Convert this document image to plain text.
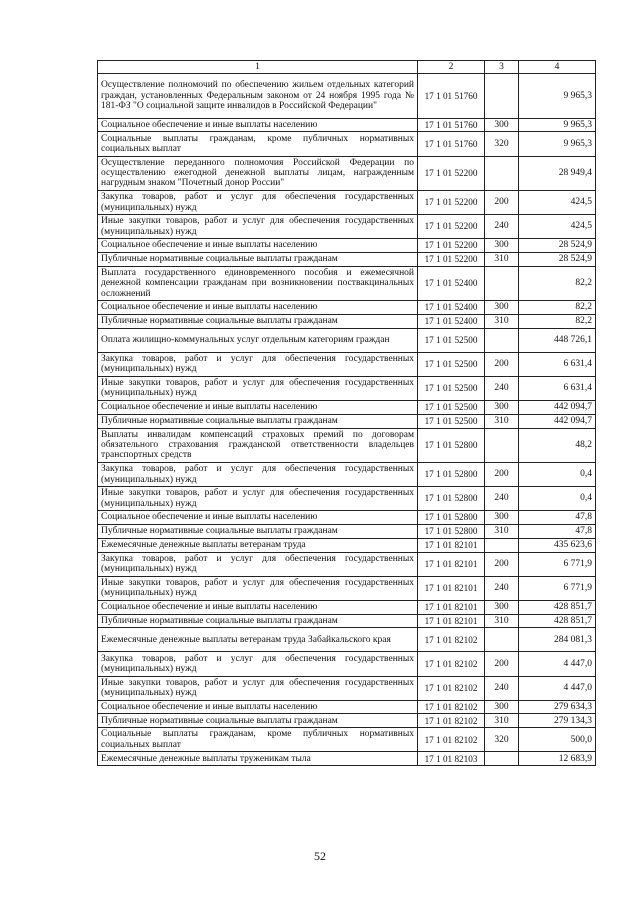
1	2	3	4
Осуществление полномочий по обеспечению жильем отдельных категорий граждан, установленных Федеральным законом от 24 ноября 1995 года № 181-ФЗ "О социальной защите инвалидов в Российской Федерации"	17 1 01 51760		9 965,3
Социальное обеспечение и иные выплаты населению	17 1 01 51760	300	9 965,3
Социальные выплаты гражданам, кроме публичных нормативных социальных выплат	17 1 01 51760	320	9 965,3
Осуществление переданного полномочия Российской Федерации по осуществлению ежегодной денежной выплаты лицам, награжденным нагрудным знаком "Почетный донор России"	17 1 01 52200		28 949,4
Закупка товаров, работ и услуг для обеспечения государственных (муниципальных) нужд	17 1 01 52200	200	424,5
Иные закупки товаров, работ и услуг для обеспечения государственных (муниципальных) нужд	17 1 01 52200	240	424,5
Социальное обеспечение и иные выплаты населению	17 1 01 52200	300	28 524,9
Публичные нормативные социальные выплаты гражданам	17 1 01 52200	310	28 524,9
Выплата государственного единовременного пособия и ежемесячной денежной компенсации гражданам при возникновении поствакцинальных осложнений	17 1 01 52400		82,2
Социальное обеспечение и иные выплаты населению	17 1 01 52400	300	82,2
Публичные нормативные социальные выплаты гражданам	17 1 01 52400	310	82,2
Оплата жилищно-коммунальных услуг отдельным категориям граждан	17 1 01 52500		448 726,1
Закупка товаров, работ и услуг для обеспечения государственных (муниципальных) нужд	17 1 01 52500	200	6 631,4
Иные закупки товаров, работ и услуг для обеспечения государственных (муниципальных) нужд	17 1 01 52500	240	6 631,4
Социальное обеспечение и иные выплаты населению	17 1 01 52500	300	442 094,7
Публичные нормативные социальные выплаты гражданам	17 1 01 52500	310	442 094,7
Выплаты инвалидам компенсаций страховых премий по договорам обязательного страхования гражданской ответственности владельцев транспортных средств	17 1 01 52800		48,2
Закупка товаров, работ и услуг для обеспечения государственных (муниципальных) нужд	17 1 01 52800	200	0,4
Иные закупки товаров, работ и услуг для обеспечения государственных (муниципальных) нужд	17 1 01 52800	240	0,4
Социальное обеспечение и иные выплаты населению	17 1 01 52800	300	47,8
Публичные нормативные социальные выплаты гражданам	17 1 01 52800	310	47,8
Ежемесячные денежные выплаты ветеранам труда	17 1 01 82101		435 623,6
Закупка товаров, работ и услуг для обеспечения государственных (муниципальных) нужд	17 1 01 82101	200	6 771,9
Иные закупки товаров, работ и услуг для обеспечения государственных (муниципальных) нужд	17 1 01 82101	240	6 771,9
Социальное обеспечение и иные выплаты населению	17 1 01 82101	300	428 851,7
Публичные нормативные социальные выплаты гражданам	17 1 01 82101	310	428 851,7
Ежемесячные денежные выплаты ветеранам труда Забайкальского края	17 1 01 82102		284 081,3
Закупка товаров, работ и услуг для обеспечения государственных (муниципальных) нужд	17 1 01 82102	200	4 447,0
Иные закупки товаров, работ и услуг для обеспечения государственных (муниципальных) нужд	17 1 01 82102	240	4 447,0
Социальное обеспечение и иные выплаты населению	17 1 01 82102	300	279 634,3
Публичные нормативные социальные выплаты гражданам	17 1 01 82102	310	279 134,3
Социальные выплаты гражданам, кроме публичных нормативных социальных выплат	17 1 01 82102	320	500,0
Ежемесячные денежные выплаты труженикам тыла	17 1 01 82103		12 683,9
52
